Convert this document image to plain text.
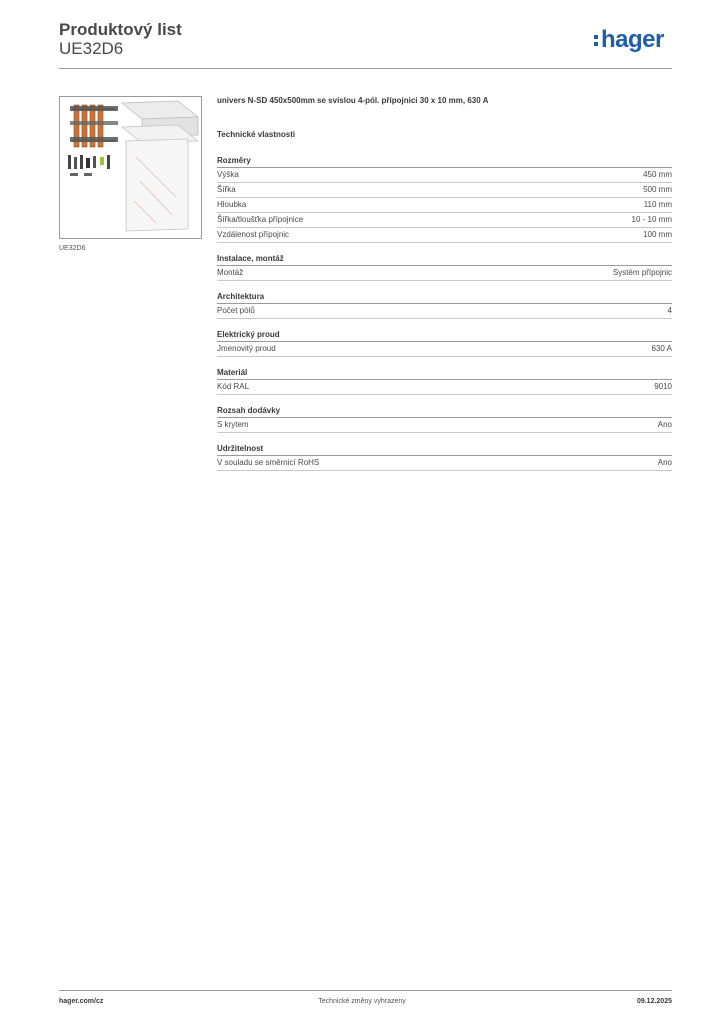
Produktový list
UE32D6	hager
UE32D6
univers N-SD 450x500mm se svislou 4-pól. přípojnicí 30 x 10 mm, 630 A
Technické vlastnosti
Rozměry
Výška	450 mm
Šířka	500 mm
Hloubka	110 mm
Šířka/tloušťka přípojnice	10 - 10 mm
Vzdálenost přípojnic	100 mm
Instalace, montáž
Montáž	Systém přípojnic
Architektura
Počet pólů	4
Elektrický proud
Jmenovitý proud	630 A
Materiál
Kód RAL	9010
Rozsah dodávky
S krytem	Ano
Udržitelnost
V souladu se směrnicí RoHS	Ano
hager.com/cz	Technické změny vyhrazeny	09.12.2025
